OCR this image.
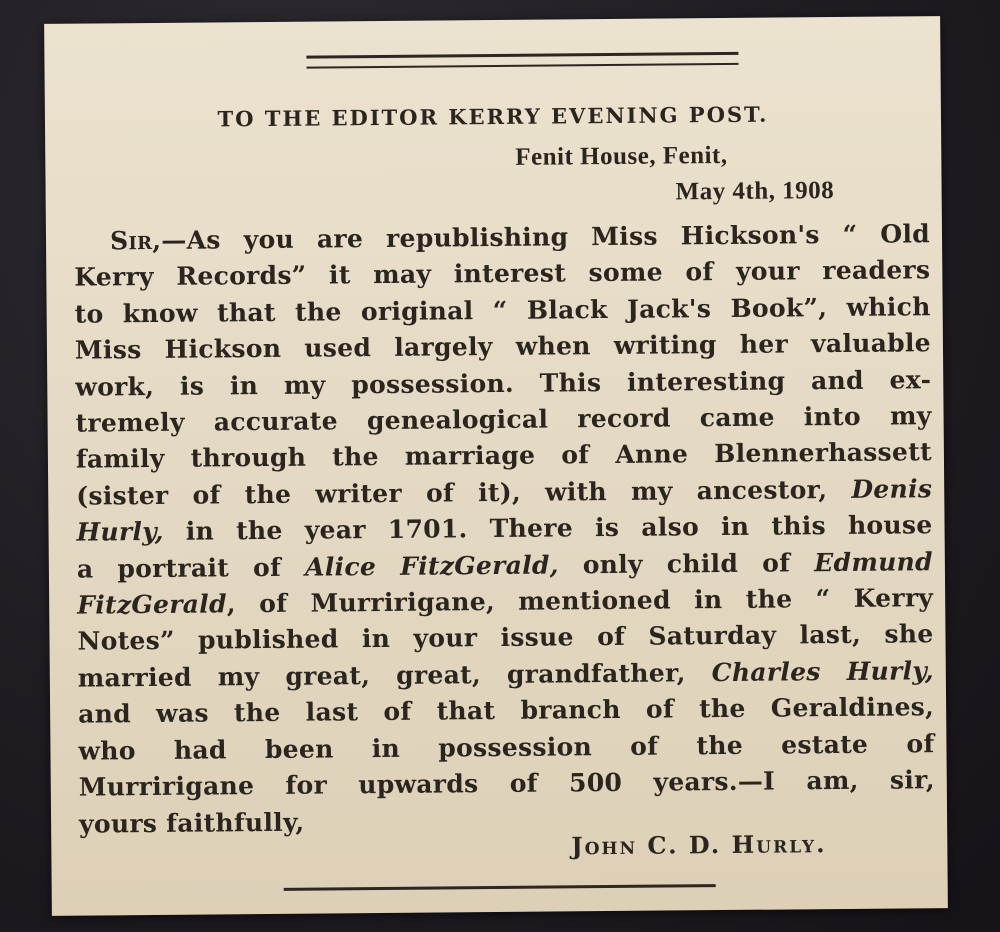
TO THE EDITOR KERRY EVENING POST.
Fenit House, Fenit,
May 4th, 1908
Sir,—As you are republishing Miss Hickson's “ Old
Kerry Records” it may interest some of your readers
to know that the original “ Black Jack's Book”, which
Miss Hickson used largely when writing her valuable
work, is in my possession. This interesting and ex-
tremely accurate genealogical record came into my
family through the marriage of Anne Blennerhassett
(sister of the writer of it), with my ancestor, Denis
Hurly, in the year 1701. There is also in this house
a portrait of Alice FitzGerald, only child of Edmund
FitzGerald, of Murririgane, mentioned in the “ Kerry
Notes” published in your issue of Saturday last, she
married my great, great, grandfather, Charles Hurly,
and was the last of that branch of the Geraldines,
who had been in possession of the estate of
Murririgane for upwards of 500 years.—I am, sir,
yours faithfully,
John C. D. Hurly.
